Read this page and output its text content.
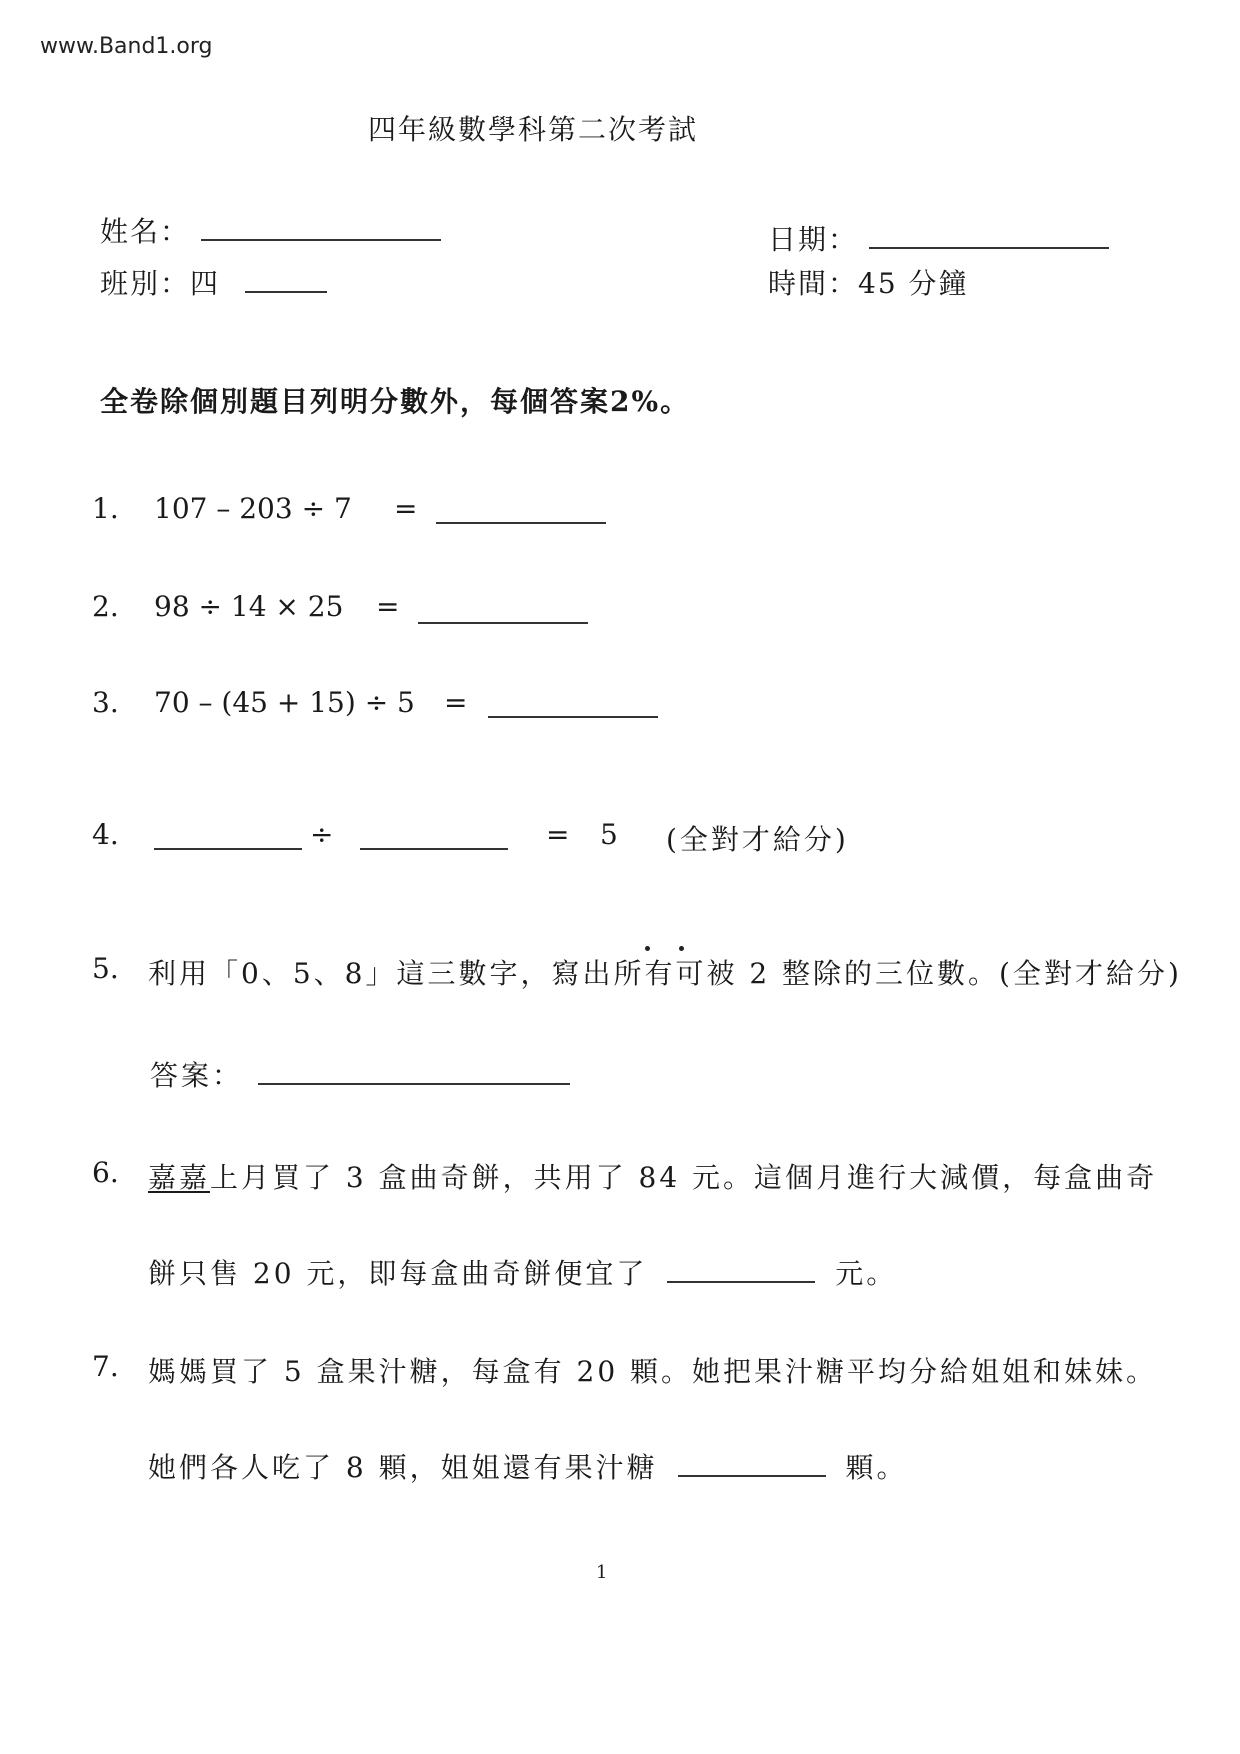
www.Band1.org
四年級數學科第二次考試
姓名：	日期：
班別：四	時間：45 分鐘
全卷除個別題目列明分數外，每個答案2%。
1. 107 – 203 ÷ 7 =
2. 98 ÷ 14 × 25 =
3. 70 – (45 + 15) ÷ 5 =
4.	÷	= 5 (全對才給分)
5. 利用「0、5、8」這三數字，寫出所有可被 2 整除的三位數。(全對才給分)
答案：
6. 嘉嘉上月買了 3 盒曲奇餅，共用了 84 元。這個月進行大減價，每盒曲奇
餅只售 20 元，即每盒曲奇餅便宜了	元。
7. 媽媽買了 5 盒果汁糖，每盒有 20 顆。她把果汁糖平均分給姐姐和妹妹。
她們各人吃了 8 顆，姐姐還有果汁糖	顆。
1
